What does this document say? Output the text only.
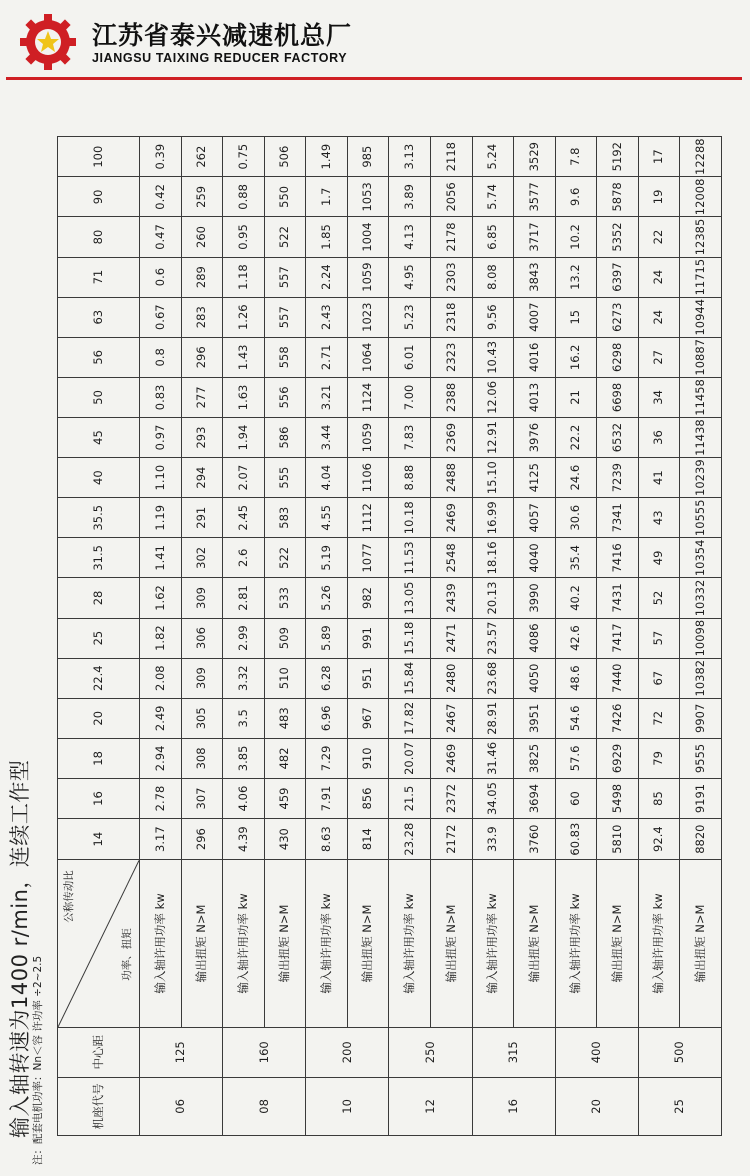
江苏省泰兴减速机总厂
JIANGSU TAIXING REDUCER FACTORY
输入轴转速为1400 r/min，连续工作型 注：配套电机功率：Nn＜容 许功率 ÷2~2.5	机座代号	中心距	公称传动比
功率、扭矩	14	16	18	20	22.4	25	28	31.5	35.5	40	45	50	56	63	71	80	90	100
06	125	输入轴许用功率 kw	3.17	2.78	2.94	2.49	2.08	1.82	1.62	1.41	1.19	1.10	0.97	0.83	0.8	0.67	0.6	0.47	0.42	0.39
		输出扭矩 N>M	296	307	308	305	309	306	309	302	291	294	293	277	296	283	289	260	259	262
08	160	输入轴许用功率 kw	4.39	4.06	3.85	3.5	3.32	2.99	2.81	2.6	2.45	2.07	1.94	1.63	1.43	1.26	1.18	0.95	0.88	0.75
		输出扭矩 N>M	430	459	482	483	510	509	533	522	583	555	586	556	558	557	557	522	550	506
10	200	输入轴许用功率 kw	8.63	7.91	7.29	6.96	6.28	5.89	5.26	5.19	4.55	4.04	3.44	3.21	2.71	2.43	2.24	1.85	1.7	1.49
		输出扭矩 N>M	814	856	910	967	951	991	982	1077	1112	1106	1059	1124	1064	1023	1059	1004	1053	985
12	250	输入轴许用功率 kw	23.28	21.5	20.07	17.82	15.84	15.18	13.05	11.53	10.18	8.88	7.83	7.00	6.01	5.23	4.95	4.13	3.89	3.13
		输出扭矩 N>M	2172	2372	2469	2467	2480	2471	2439	2548	2469	2488	2369	2388	2323	2318	2303	2178	2056	2118
16	315	输入轴许用功率 kw	33.9	34.05	31.46	28.91	23.68	23.57	20.13	18.16	16.99	15.10	12.91	12.06	10.43	9.56	8.08	6.85	5.74	5.24
		输出扭矩 N>M	3760	3694	3825	3951	4050	4086	3990	4040	4057	4125	3976	4013	4016	4007	3843	3717	3577	3529
20	400	输入轴许用功率 kw	60.83	60	57.6	54.6	48.6	42.6	40.2	35.4	30.6	24.6	22.2	21	16.2	15	13.2	10.2	9.6	7.8
		输出扭矩 N>M	5810	5498	6929	7426	7440	7417	7431	7416	7341	7239	6532	6698	6298	6273	6397	5352	5878	5192
25	500	输入轴许用功率 kw	92.4	85	79	72	67	57	52	49	43	41	36	34	27	24	24	22	19	17
		输出扭矩 N>M	8820	9191	9555	9907	10382	10098	10332	10354	10555	10239	11438	11458	10887	10944	11715	12385	12008	12288
